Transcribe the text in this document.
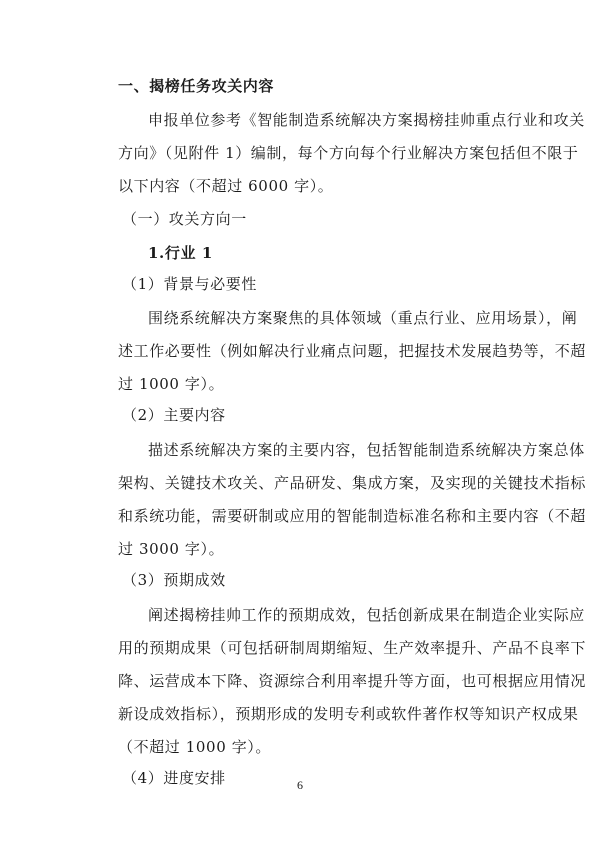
一、揭榜任务攻关内容
申报单位参考《智能制造系统解决方案揭榜挂帅重点行业和攻关
方向》（见附件 1）编制，每个方向每个行业解决方案包括但不限于
以下内容（不超过 6000 字）。
（一）攻关方向一
1.行业 1
（1）背景与必要性
围绕系统解决方案聚焦的具体领域（重点行业、应用场景），阐
述工作必要性（例如解决行业痛点问题，把握技术发展趋势等，不超
过 1000 字）。
（2）主要内容
描述系统解决方案的主要内容，包括智能制造系统解决方案总体
架构、关键技术攻关、产品研发、集成方案，及实现的关键技术指标
和系统功能，需要研制或应用的智能制造标准名称和主要内容（不超
过 3000 字）。
（3）预期成效
阐述揭榜挂帅工作的预期成效，包括创新成果在制造企业实际应
用的预期成果（可包括研制周期缩短、生产效率提升、产品不良率下
降、运营成本下降、资源综合利用率提升等方面，也可根据应用情况
新设成效指标），预期形成的发明专利或软件著作权等知识产权成果
（不超过 1000 字）。
（4）进度安排	6
